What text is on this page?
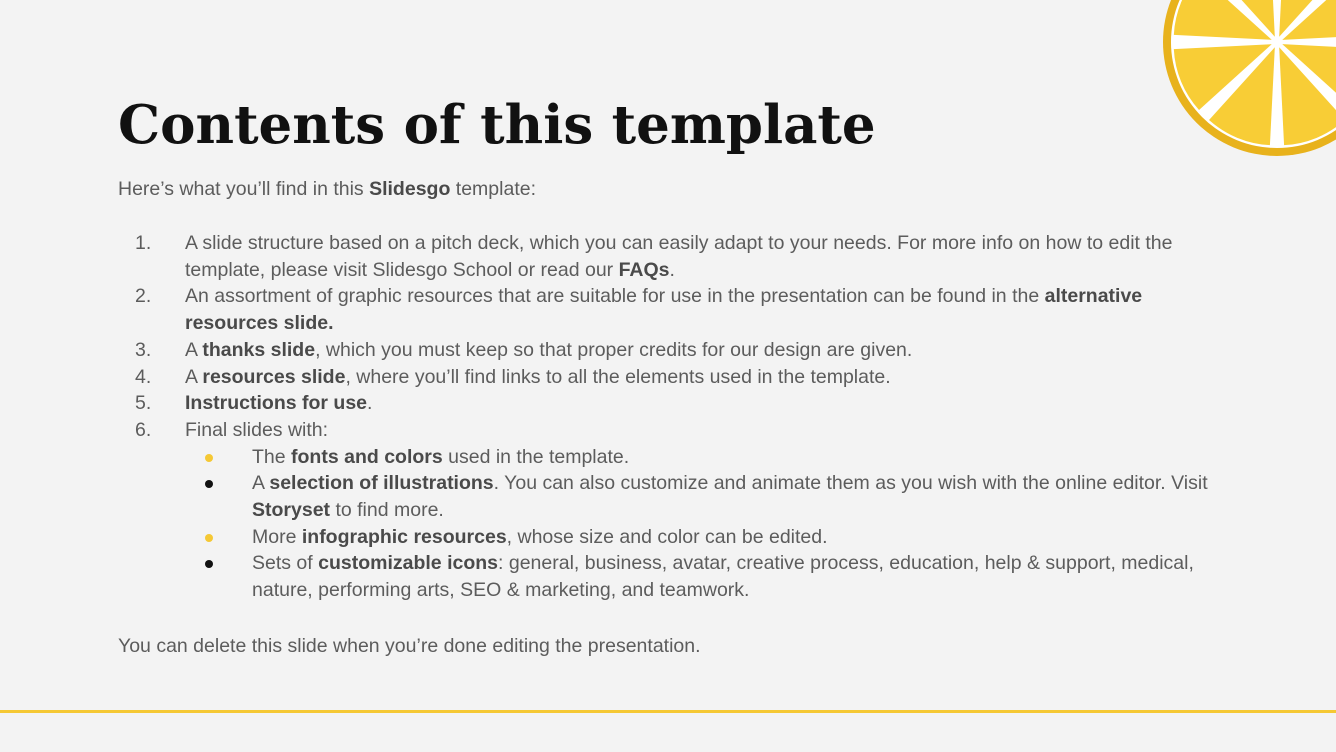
Contents of this template
Here’s what you’ll find in this Slidesgo template:
1. A slide structure based on a pitch deck, which you can easily adapt to your needs. For more info on how to edit the template, please visit Slidesgo School or read our FAQs.
2. An assortment of graphic resources that are suitable for use in the presentation can be found in the alternative resources slide.
3. A thanks slide, which you must keep so that proper credits for our design are given.
4. A resources slide, where you’ll find links to all the elements used in the template.
5. Instructions for use.
6. Final slides with:
The fonts and colors used in the template.
A selection of illustrations. You can also customize and animate them as you wish with the online editor. Visit Storyset to find more.
More infographic resources, whose size and color can be edited.
Sets of customizable icons: general, business, avatar, creative process, education, help & support, medical, nature, performing arts, SEO & marketing, and teamwork.
You can delete this slide when you’re done editing the presentation.
